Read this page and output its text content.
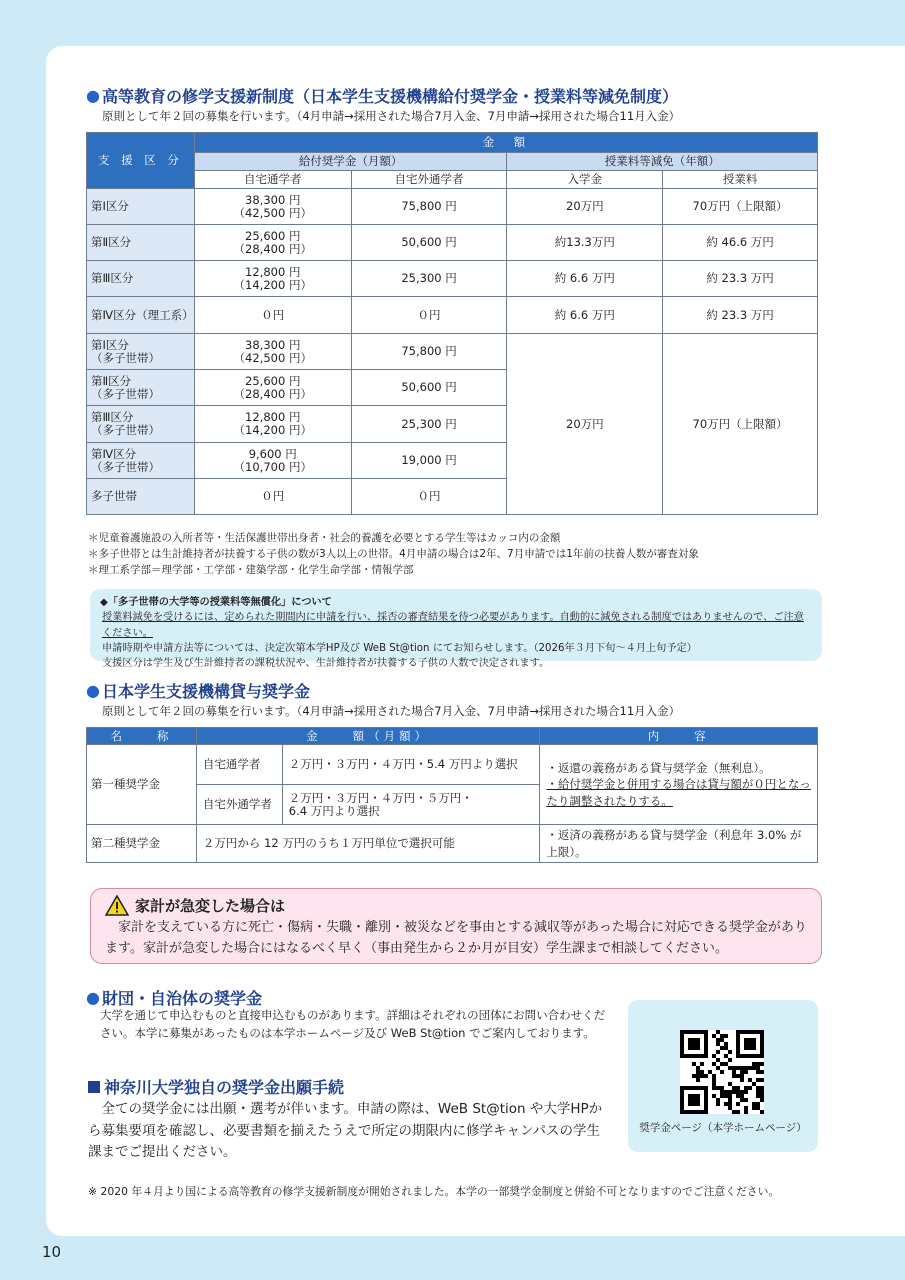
● 高等教育の修学支援新制度（日本学生支援機構給付奨学金・授業料等減免制度）
原則として年２回の募集を行います。（4月申請→採用された場合7月入金、7月申請→採用された場合11月入金）
支 援 区 分	金　額			
	給付奨学金（月額）		授業料等減免（年額）	
	自宅通学者	自宅外通学者	入学金	授業料
第Ⅰ区分	38,300 円
（42,500 円）	75,800 円	20万円	70万円（上限額）
第Ⅱ区分	25,600 円
（28,400 円）	50,600 円	約13.3万円	約 46.6 万円
第Ⅲ区分	12,800 円
（14,200 円）	25,300 円	約 6.6 万円	約 23.3 万円
第Ⅳ区分（理工系）	０円	０円	約 6.6 万円	約 23.3 万円
第Ⅰ区分
（多子世帯）	38,300 円
（42,500 円）	75,800 円	20万円	70万円（上限額）
第Ⅱ区分
（多子世帯）	25,600 円
（28,400 円）	50,600 円		
第Ⅲ区分
（多子世帯）	12,800 円
（14,200 円）	25,300 円		
第Ⅳ区分
（多子世帯）	9,600 円
（10,700 円）	19,000 円		
多子世帯	０円	０円		
＊児童養護施設の入所者等・生活保護世帯出身者・社会的養護を必要とする学生等はカッコ内の金額
＊多子世帯とは生計維持者が扶養する子供の数が3人以上の世帯。4月申請の場合は2年、7月申請では1年前の扶養人数が審査対象
＊理工系学部＝理学部・工学部・建築学部・化学生命学部・情報学部
◆「多子世帯の大学等の授業料等無償化」について
授業料減免を受けるには、定められた期間内に申請を行い、採否の審査結果を待つ必要があります。自動的に減免される制度ではありませんので、ご注意ください。
申請時期や申請方法等については、決定次第本学HP及び WeB St@tion にてお知らせします。（2026年３月下旬～４月上旬予定）
支援区分は学生及び生計維持者の課税状況や、生計維持者が扶養する子供の人数で決定されます。
● 日本学生支援機構貸与奨学金
原則として年２回の募集を行います。（4月申請→採用された場合7月入金、7月申請→採用された場合11月入金）
名　　称	金　　額（月額）		内　　容
第一種奨学金	自宅通学者	２万円・３万円・４万円・5.4 万円より選択	・返還の義務がある貸与奨学金（無利息）。
・給付奨学金と併用する場合は貸与額が０円となったり調整されたりする。

	自宅外通学者	２万円・３万円・４万円・５万円・
6.4 万円より選択	
第二種奨学金	２万円から 12 万円のうち１万円単位で選択可能		・返済の義務がある貸与奨学金（利息年 3.0% が上限）。
家計が急変した場合は
家計を支えている方に死亡・傷病・失職・離別・被災などを事由とする減収等があった場合に対応できる奨学金があります。家計が急変した場合にはなるべく早く（事由発生から２か月が目安）学生課まで相談してください。
● 財団・自治体の奨学金
大学を通じて申込むものと直接申込むものがあります。詳細はそれぞれの団体にお問い合わせください。本学に募集があったものは本学ホームページ及び WeB St@tion でご案内しております。
神奈川大学独自の奨学金出願手続
全ての奨学金には出願・選考が伴います。申請の際は、WeB St@tion や大学HPから募集要項を確認し、必要書類を揃えたうえで所定の期限内に修学キャンパスの学生課までご提出ください。
奨学金ページ（本学ホームページ）
※ 2020 年４月より国による高等教育の修学支援新制度が開始されました。本学の一部奨学金制度と併給不可となりますのでご注意ください。
10
